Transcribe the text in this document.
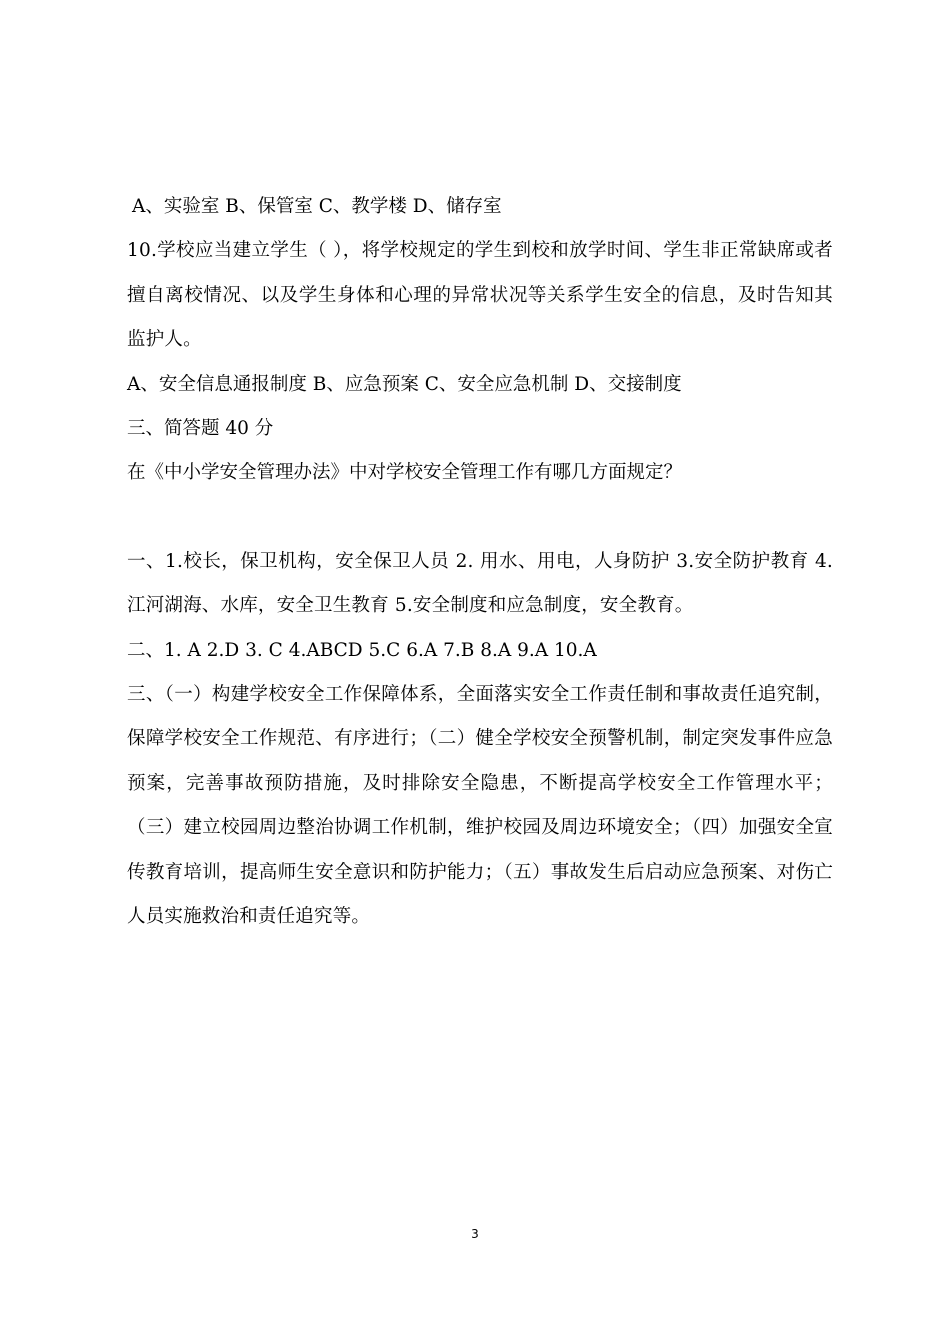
A、实验室 B、保管室 C、教学楼 D、储存室

10.学校应当建立学生（ ），将学校规定的学生到校和放学时间、学生非正常缺席或者擅自离校情况、以及学生身体和心理的异常状况等关系学生安全的信息，及时告知其监护人。

A、安全信息通报制度 B、应急预案 C、安全应急机制 D、交接制度

三、简答题 40 分

在《中小学安全管理办法》中对学校安全管理工作有哪几方面规定？

一、1.校长，保卫机构，安全保卫人员 2. 用水、用电，人身防护 3.安全防护教育 4.江河湖海、水库，安全卫生教育 5.安全制度和应急制度，安全教育。

二、1. A 2.D 3. C 4.ABCD 5.C 6.A 7.B 8.A 9.A 10.A

三、（一）构建学校安全工作保障体系，全面落实安全工作责任制和事故责任追究制，保障学校安全工作规范、有序进行；（二）健全学校安全预警机制，制定突发事件应急预案，完善事故预防措施，及时排除安全隐患，不断提高学校安全工作管理水平；（三）建立校园周边整治协调工作机制，维护校园及周边环境安全；（四）加强安全宣传教育培训，提高师生安全意识和防护能力；（五）事故发生后启动应急预案、对伤亡人员实施救治和责任追究等。

3
